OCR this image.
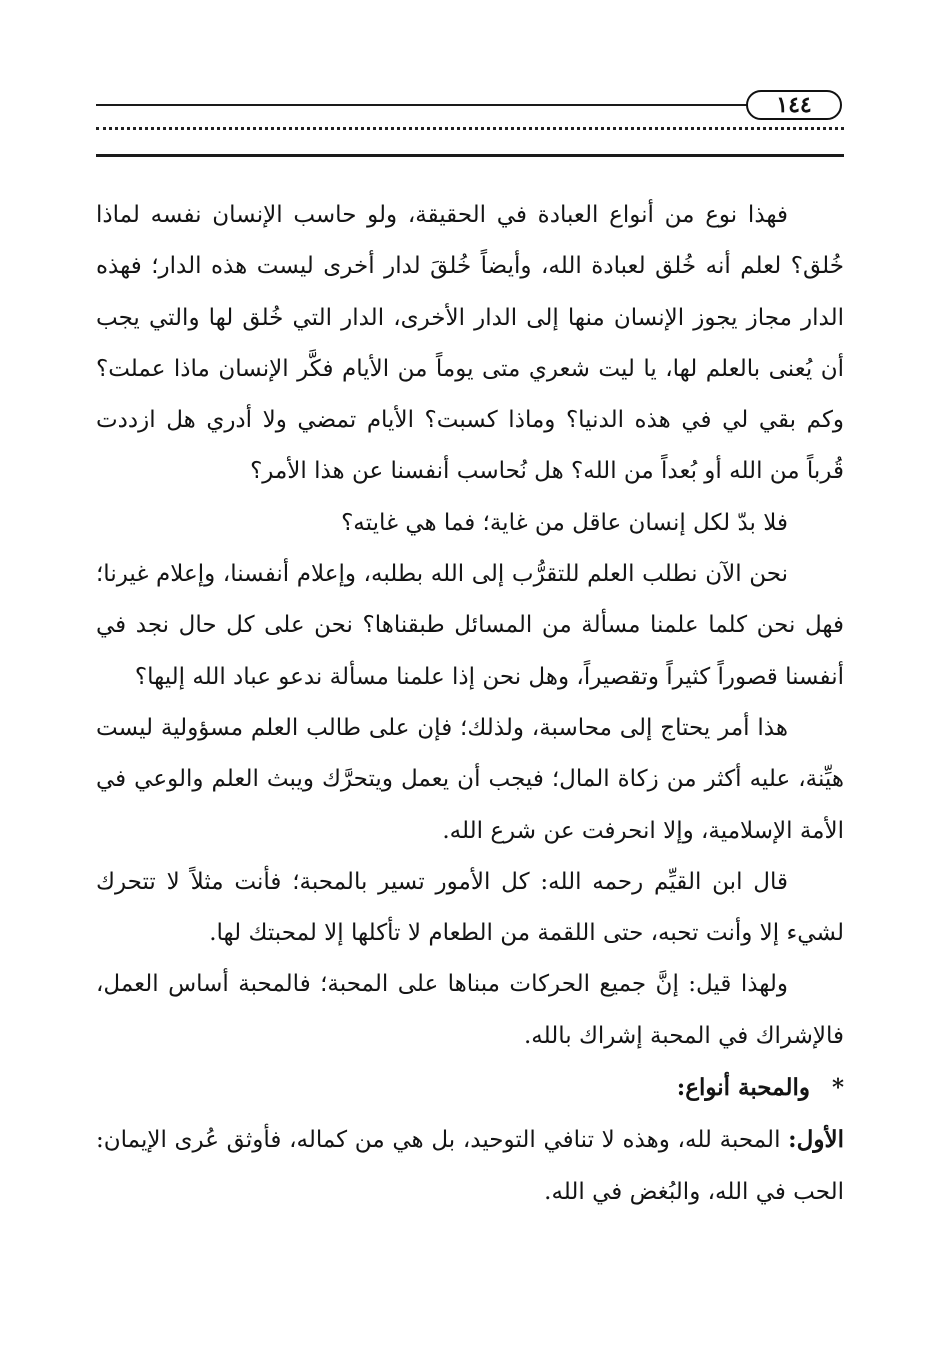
١٤٤

فهذا نوع من أنواع العبادة في الحقيقة، ولو حاسب الإنسان نفسه لماذا خُلق؟ لعلم أنه خُلق لعبادة الله، وأيضاً خُلقَ لدار أخرى ليست هذه الدار؛ فهذه الدار مجاز يجوز الإنسان منها إلى الدار الأخرى، الدار التي خُلق لها والتي يجب أن يُعنى بالعلم لها، يا ليت شعري متى يوماً من الأيام فكَّر الإنسان ماذا عملت؟ وكم بقي لي في هذه الدنيا؟ وماذا كسبت؟ الأيام تمضي ولا أدري هل ازددت قُرباً من الله أو بُعداً من الله؟ هل نُحاسب أنفسنا عن هذا الأمر؟

فلا بدّ لكل إنسان عاقل من غاية؛ فما هي غايته؟

نحن الآن نطلب العلم للتقرُّب إلى الله بطلبه، وإعلام أنفسنا، وإعلام غيرنا؛ فهل نحن كلما علمنا مسألة من المسائل طبقناها؟ نحن على كل حال نجد في أنفسنا قصوراً كثيراً وتقصيراً، وهل نحن إذا علمنا مسألة ندعو عباد الله إليها؟

هذا أمر يحتاج إلى محاسبة، ولذلك؛ فإن على طالب العلم مسؤولية ليست هيِّنة، عليه أكثر من زكاة المال؛ فيجب أن يعمل ويتحرَّك ويبث العلم والوعي في الأمة الإسلامية، وإلا انحرفت عن شرع الله.

قال ابن القيِّم رحمه الله: كل الأمور تسير بالمحبة؛ فأنت مثلاً لا تتحرك لشيء إلا وأنت تحبه، حتى اللقمة من الطعام لا تأكلها إلا لمحبتك لها.

ولهذا قيل: إنَّ جميع الحركات مبناها على المحبة؛ فالمحبة أساس العمل، فالإشراك في المحبة إشراك بالله.

*والمحبة أنواع:

الأول: المحبة لله، وهذه لا تنافي التوحيد، بل هي من كماله، فأوثق عُرى الإيمان: الحب في الله، والبُغض في الله.
